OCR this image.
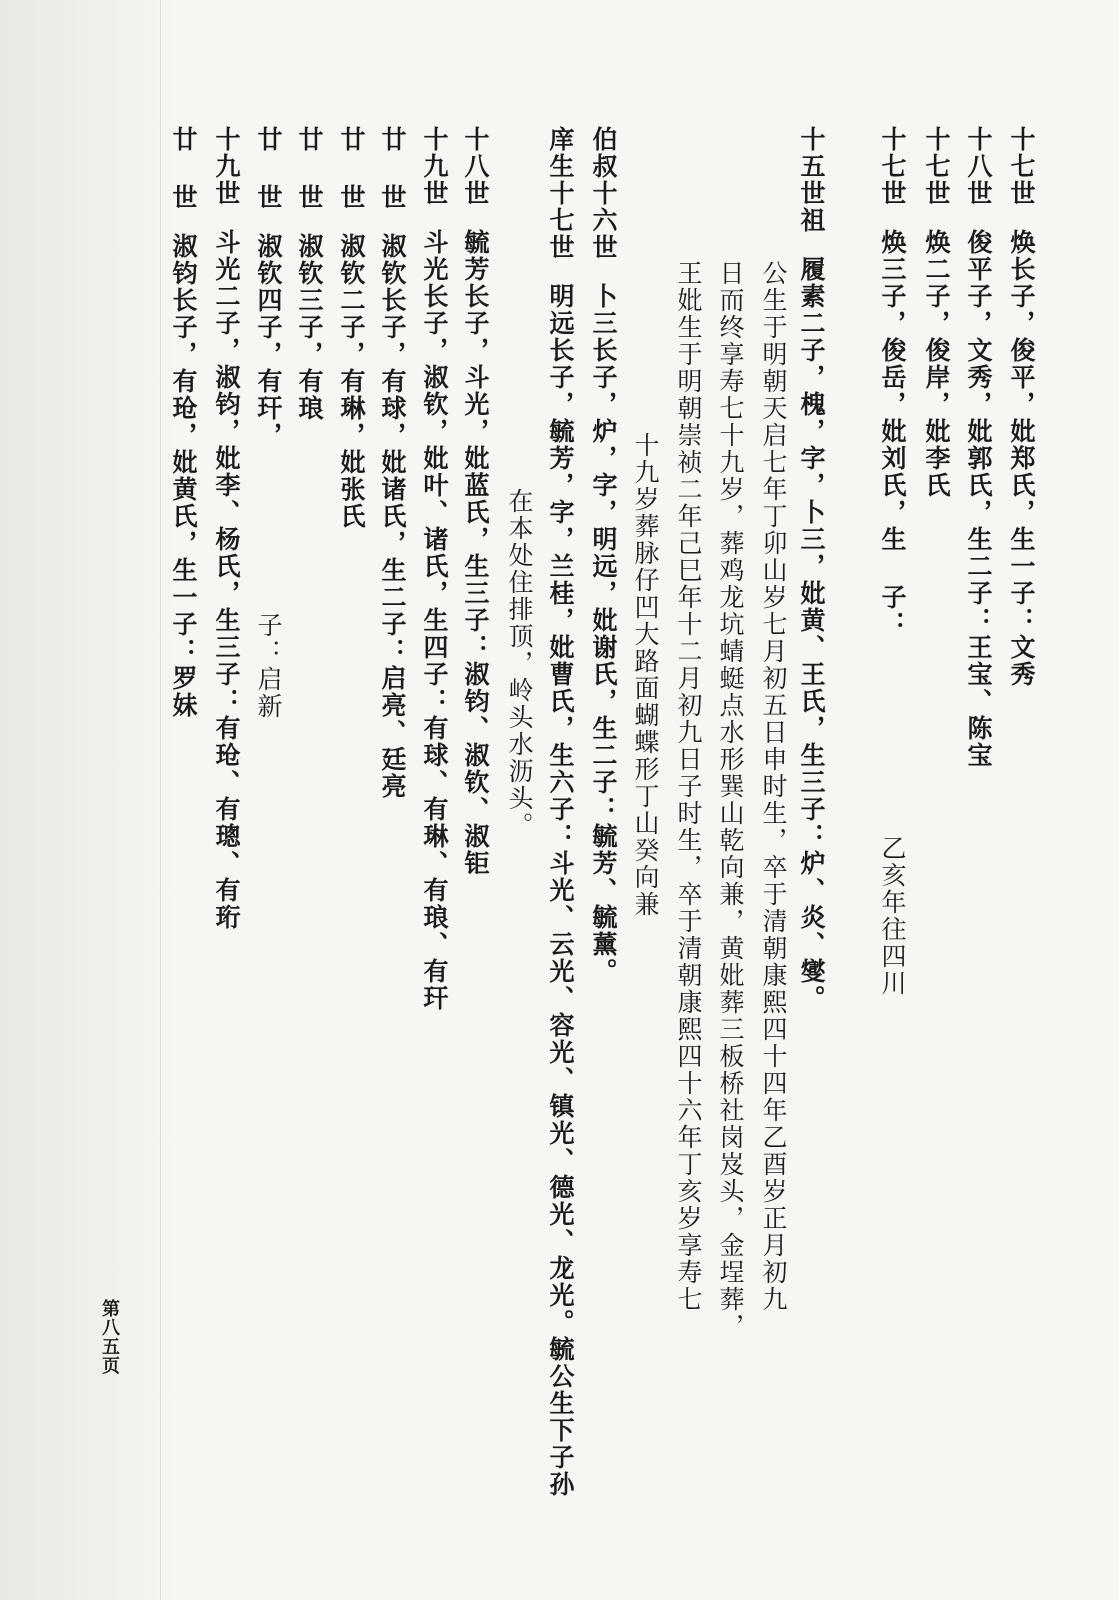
十七世焕长子，俊平，妣郑氏，生一子：文秀
十八世俊平子，文秀，妣郭氏，生二子：王宝、陈宝
十七世焕二子，俊岸，妣李氏
十七世焕三子，俊岳，妣刘氏，生 子：
乙亥年往四川
十五世祖履素二子，槐，字，卜三，妣黄、王氏，生三子：炉、炎、燮。
公生于明朝天启七年丁卯山岁七月初五日申时生，卒于清朝康熙四十四年乙酉岁正月初九
日而终享寿七十九岁，葬鸡龙坑蜻蜓点水形巽山乾向兼，黄妣葬三板桥社岗岌头，金埕葬，
王妣生于明朝崇祯二年己巳年十二月初九日子时生，卒于清朝康熙四十六年丁亥岁享寿七
十九岁葬脉仔凹大路面蝴蝶形丁山癸向兼
伯叔十六世卜三长子，炉，字，明远，妣谢氏，生二子：毓芳、毓薰。
庠生十七世明远长子，毓芳，字，兰桂，妣曹氏，生六子：斗光、云光、容光、镇光、德光、龙光。毓公生下子孙
在本处住排顶，岭头水沥头。
十八世毓芳长子，斗光，妣蓝氏，生三子：淑钧、淑钦、淑钜
十九世斗光长子，淑钦，妣叶、诸氏，生四子：有球、有琳、有琅、有玕
廿 世淑钦长子，有球，妣诸氏，生二子：启亮、廷亮
廿 世淑钦二子，有琳，妣张氏
廿 世淑钦三子，有琅
廿 世淑钦四子，有玕，
子：启新
十九世斗光二子，淑钧，妣李、杨氏，生三子：有玱、有璁、有珩
廿 世淑钧长子，有玱，妣黄氏，生一子：罗妹
第八五页
